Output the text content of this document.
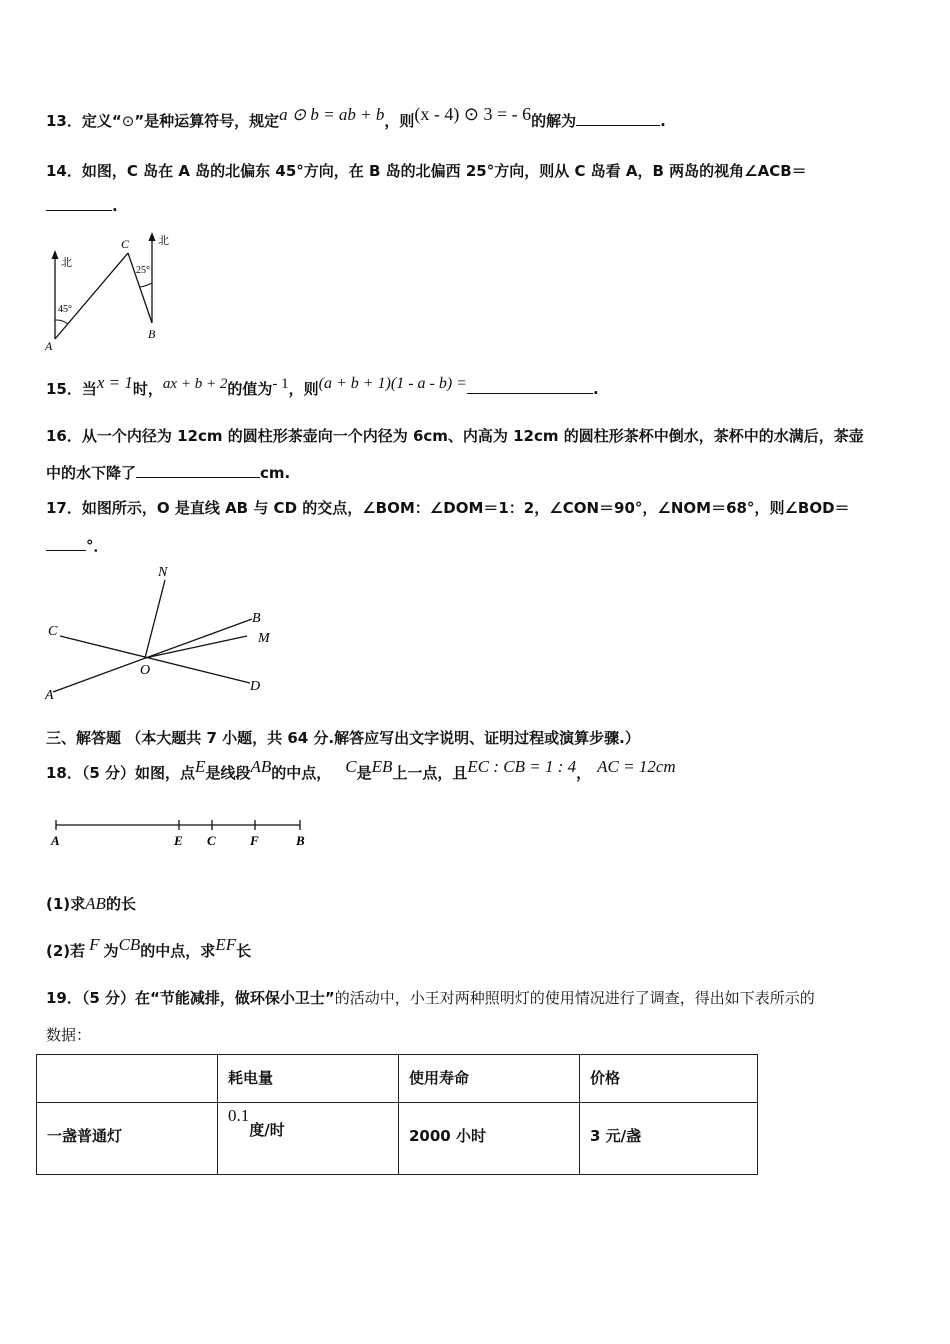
13．定义“⊙”是种运算符号，规定a ⊙ b = ab + b，则(x - 4) ⊙ 3 = - 6的解为	.
14．如图，C 岛在 A 岛的北偏东 45°方向，在 B 岛的北偏西 25°方向，则从 C 岛看 A，B 两岛的视角∠ACB＝
.
北
北
45°
25°
C
A
B
15．当x = 1时，ax + b + 2的值为- 1，则(a + b + 1)(1 - a - b) =	.
16．从一个内径为 12cm 的圆柱形茶壶向一个内径为 6cm、内高为 12cm 的圆柱形茶杯中倒水，茶杯中的水满后，茶壶
中的水下降了	cm.
17．如图所示，O 是直线 AB 与 CD 的交点，∠BOM：∠DOM＝1：2，∠CON＝90°，∠NOM＝68°，则∠BOD＝
°．
N
B
M
C
O
A
D
三、解答题 （本大题共 7 小题，共 64 分.解答应写出文字说明、证明过程或演算步骤.）
18．（5 分）如图，点E是线段AB的中点， C是EB上一点，且EC : CB = 1 : 4， AC = 12cm
A	E C	F	B
(1)求AB的长
(2)若 F 为CB的中点，求EF长
19．（5 分）在“节能减排，做环保小卫士”的活动中，小王对两种照明灯的使用情况进行了调查，得出如下表所示的
数据：
	耗电量	使用寿命	价格
一盏普通灯	0.1度/时	2000 小时	3 元/盏
